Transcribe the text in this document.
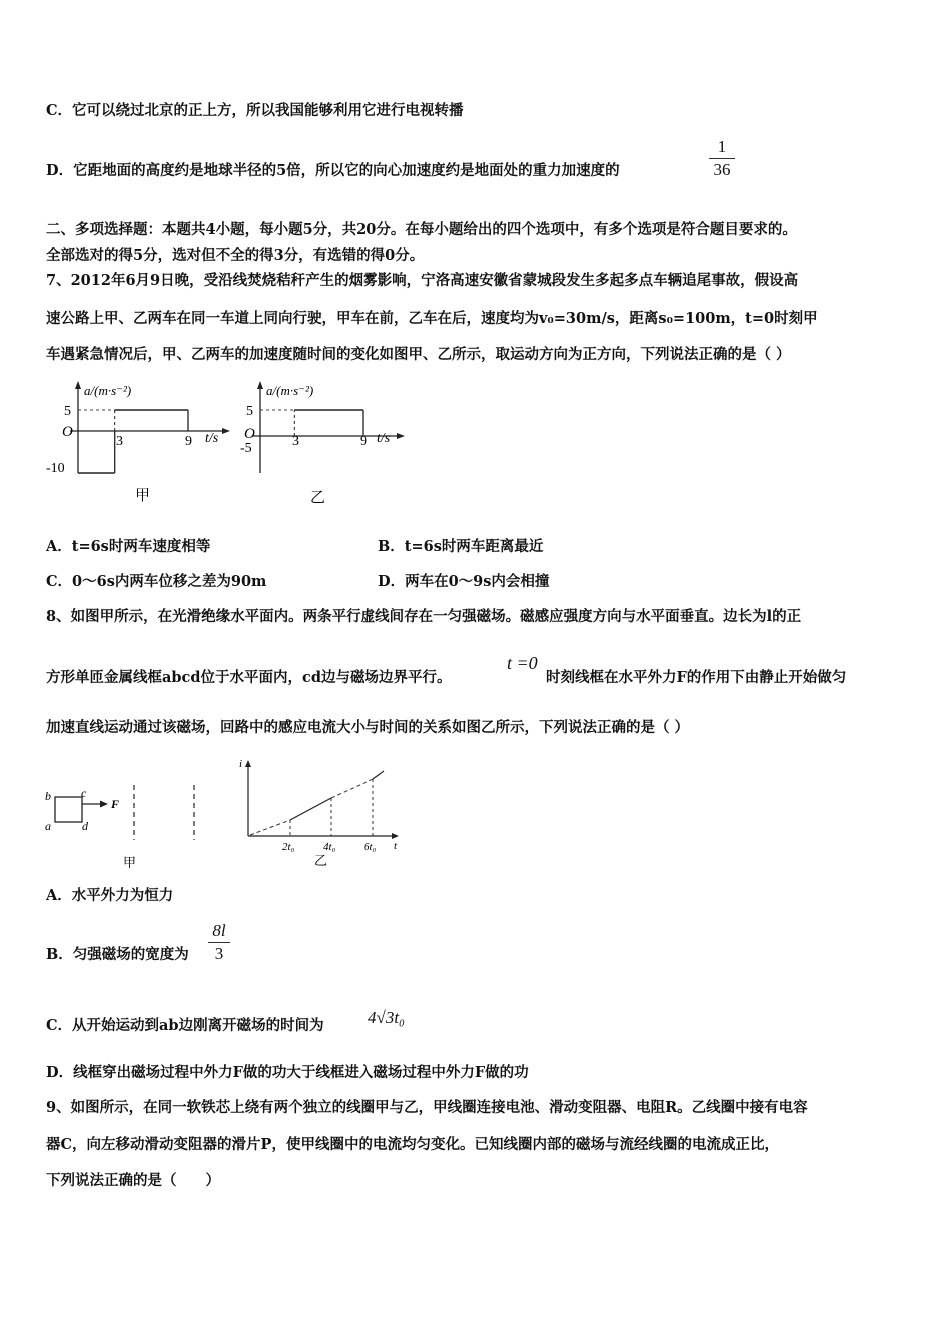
C．它可以绕过北京的正上方，所以我国能够利用它进行电视转播
D．它距地面的高度约是地球半径的5倍，所以它的向心加速度约是地面处的重力加速度的
1
36
二、多项选择题：本题共4小题，每小题5分，共20分。在每小题给出的四个选项中，有多个选项是符合题目要求的。
全部选对的得5分，选对但不全的得3分，有选错的得0分。
7、2012年6月9日晚，受沿线焚烧秸秆产生的烟雾影响，宁洛高速安徽省蒙城段发生多起多点车辆追尾事故，假设高
速公路上甲、乙两车在同一车道上同向行驶，甲车在前，乙车在后，速度均为v₀=30m/s，距离s₀=100m，t=0时刻甲
车遇紧急情况后，甲、乙两车的加速度随时间的变化如图甲、乙所示，取运动方向为正方向，下列说法正确的是（ ）
a/(m·s⁻²)
t/s
5
O
-10
3	9
甲
a/(m·s⁻²)
t/s
5
O
-5	3	9
乙
A．t=6s时两车速度相等	B．t=6s时两车距离最近
C．0～6s内两车位移之差为90m	D．两车在0～9s内会相撞
8、如图甲所示，在光滑绝缘水平面内。两条平行虚线间存在一匀强磁场。磁感应强度方向与水平面垂直。边长为l的正
方形单匝金属线框abcd位于水平面内，cd边与磁场边界平行。
t =0
时刻线框在水平外力F的作用下由静止开始做匀
加速直线运动通过该磁场，回路中的感应电流大小与时间的关系如图乙所示，下列说法正确的是（ ）
b	c
a	d
F
甲
i
t
2t₀	4t₀	6t₀
乙
A．水平外力为恒力
B．匀强磁场的宽度为
8l
3
C．从开始运动到ab边刚离开磁场的时间为	4√3t₀
D．线框穿出磁场过程中外力F做的功大于线框进入磁场过程中外力F做的功
9、如图所示，在同一软铁芯上绕有两个独立的线圈甲与乙，甲线圈连接电池、滑动变阻器、电阻R。乙线圈中接有电容
器C，向左移动滑动变阻器的滑片P，使甲线圈中的电流均匀变化。已知线圈内部的磁场与流经线圈的电流成正比，
下列说法正确的是（　　）
